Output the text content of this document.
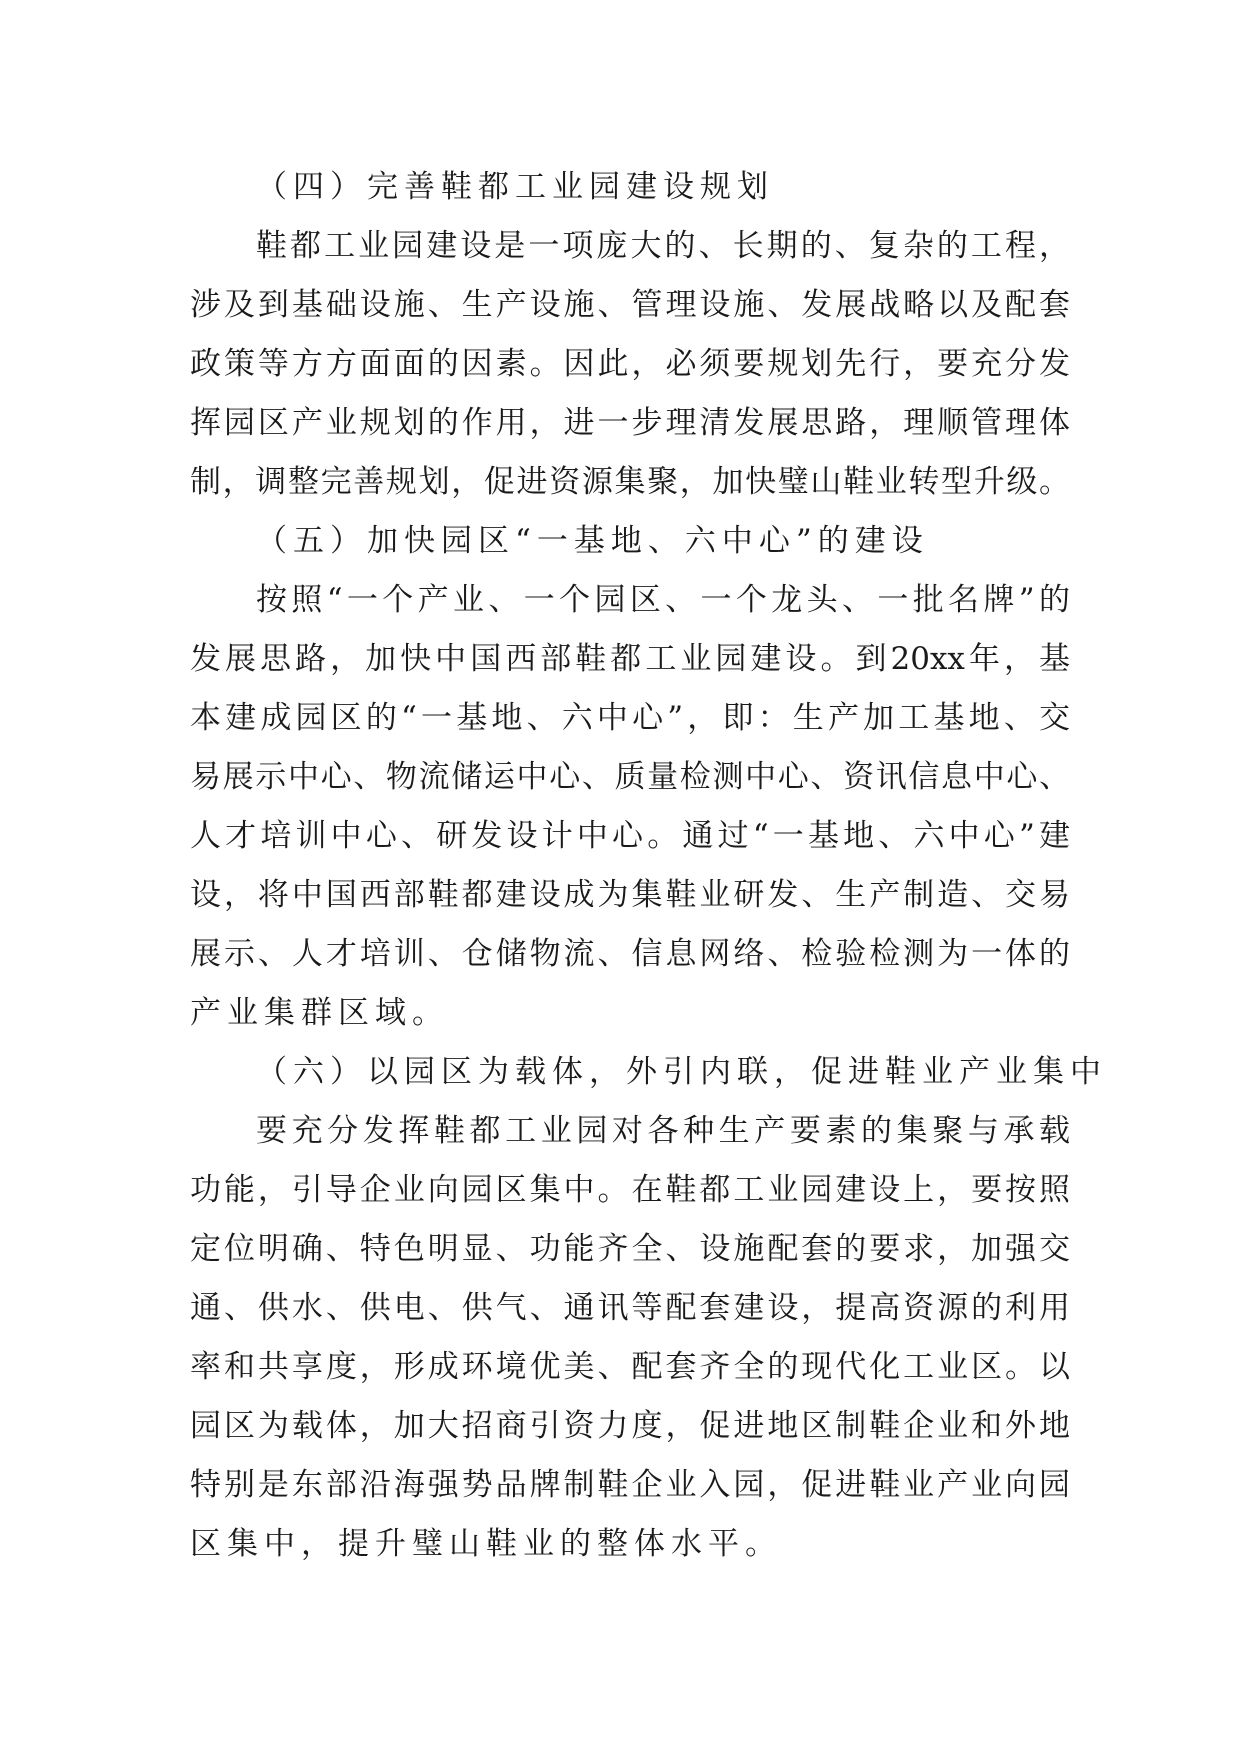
（四）完善鞋都工业园建设规划
鞋都工业园建设是一项庞大的、长期的、复杂的工程，
涉及到基础设施、生产设施、管理设施、发展战略以及配套
政策等方方面面的因素。因此，必须要规划先行，要充分发
挥园区产业规划的作用，进一步理清发展思路，理顺管理体
制，调整完善规划，促进资源集聚，加快璧山鞋业转型升级。
（五）加快园区“一基地、六中心”的建设
按照“一个产业、一个园区、一个龙头、一批名牌”的
发展思路，加快中国西部鞋都工业园建设。到20xx年，基
本建成园区的“一基地、六中心”，即：生产加工基地、交
易展示中心、物流储运中心、质量检测中心、资讯信息中心、
人才培训中心、研发设计中心。通过“一基地、六中心”建
设，将中国西部鞋都建设成为集鞋业研发、生产制造、交易
展示、人才培训、仓储物流、信息网络、检验检测为一体的
产业集群区域。
（六）以园区为载体，外引内联，促进鞋业产业集中
要充分发挥鞋都工业园对各种生产要素的集聚与承载
功能，引导企业向园区集中。在鞋都工业园建设上，要按照
定位明确、特色明显、功能齐全、设施配套的要求，加强交
通、供水、供电、供气、通讯等配套建设，提高资源的利用
率和共享度，形成环境优美、配套齐全的现代化工业区。以
园区为载体，加大招商引资力度，促进地区制鞋企业和外地
特别是东部沿海强势品牌制鞋企业入园，促进鞋业产业向园
区集中，提升璧山鞋业的整体水平。
